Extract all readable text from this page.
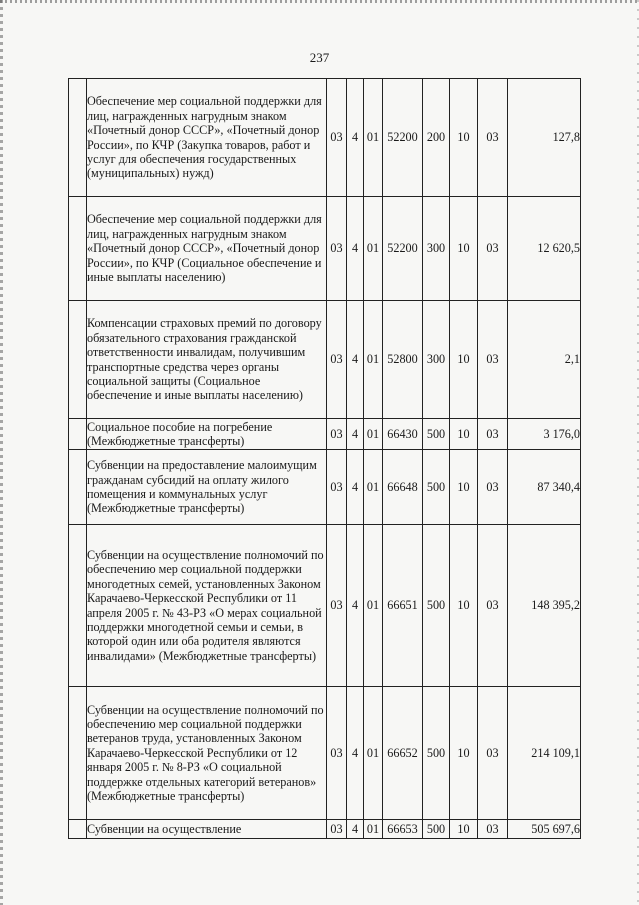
237
	Обеспечение мер социальной поддержки для лиц, награжденных нагрудным знаком «Почетный донор СССР», «Почетный донор России», по КЧР (Закупка товаров, работ и услуг для обеспечения государственных (муниципальных) нужд)	03	4	01	52200	200	10	03	127,8
	Обеспечение мер социальной поддержки для лиц, награжденных нагрудным знаком «Почетный донор СССР», «Почетный донор России», по КЧР (Социальное обеспечение и иные выплаты населению)	03	4	01	52200	300	10	03	12 620,5
	Компенсации страховых премий по договору обязательного страхования гражданской ответственности инвалидам, получившим транспортные средства через органы социальной защиты (Социальное обеспечение и иные выплаты населению)	03	4	01	52800	300	10	03	2,1
	Социальное пособие на погребение (Межбюджетные трансферты)	03	4	01	66430	500	10	03	3 176,0
	Субвенции на предоставление малоимущим гражданам субсидий на оплату жилого помещения и коммунальных услуг (Межбюджетные трансферты)	03	4	01	66648	500	10	03	87 340,4
	Субвенции на осуществление полномочий по обеспечению мер социальной поддержки многодетных семей, установленных Законом Карачаево-Черкесской Республики от 11 апреля 2005 г. № 43-РЗ «О мерах социальной поддержки многодетной семьи и семьи, в которой один или оба родителя являются инвалидами» (Межбюджетные трансферты)	03	4	01	66651	500	10	03	148 395,2
	Субвенции на осуществление полномочий по обеспечению мер социальной поддержки ветеранов труда, установленных Законом Карачаево-Черкесской Республики от 12 января 2005 г. № 8-РЗ «О социальной поддержке отдельных категорий ветеранов» (Межбюджетные трансферты)	03	4	01	66652	500	10	03	214 109,1
	Субвенции на осуществление	03	4	01	66653	500	10	03	505 697,6
